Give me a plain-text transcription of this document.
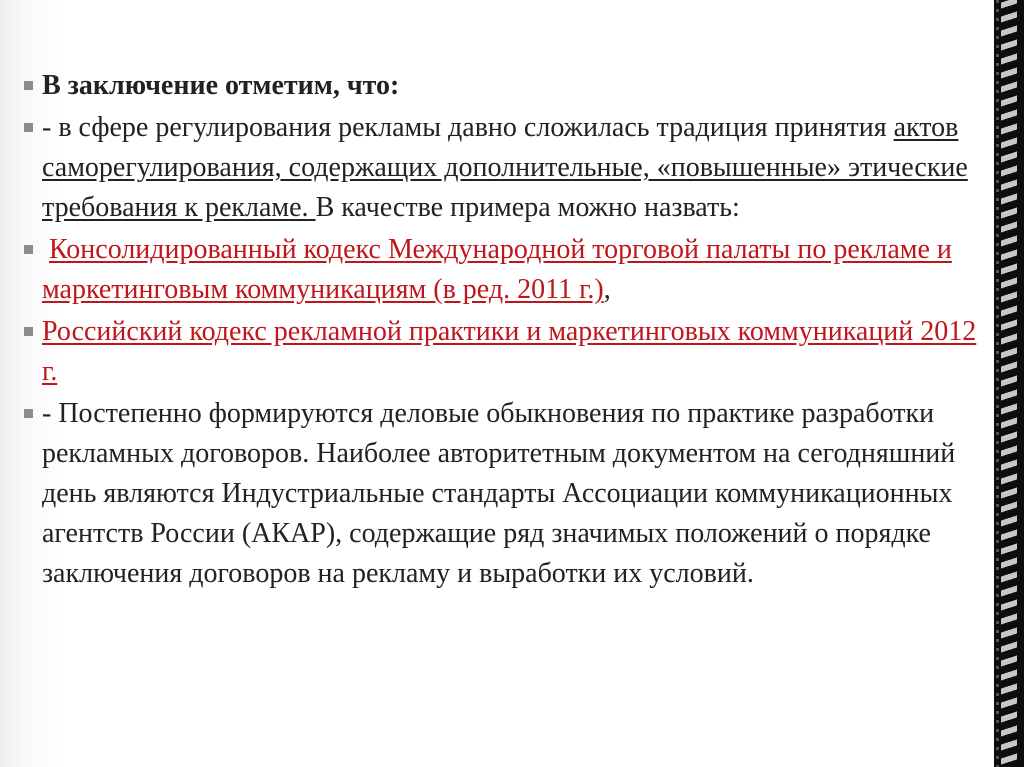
В заключение отметим, что:
- в сфере регулирования рекламы давно сложилась традиция принятия актов саморегулирования, содержащих дополнительные, «повышенные» этические требования к рекламе. В качестве примера можно назвать:
Консолидированный кодекс Международной торговой палаты по рекламе и маркетинговым коммуникациям (в ред. 2011 г.),
Российский кодекс рекламной практики и маркетинговых коммуникаций 2012 г.
- Постепенно формируются деловые обыкновения по практике разработки рекламных договоров. Наиболее авторитетным документом на сегодняшний день являются Индустриальные стандарты Ассоциации коммуникационных агентств России (АКАР), содержащие ряд значимых положений о порядке заключения договоров на рекламу и выработки их условий.
